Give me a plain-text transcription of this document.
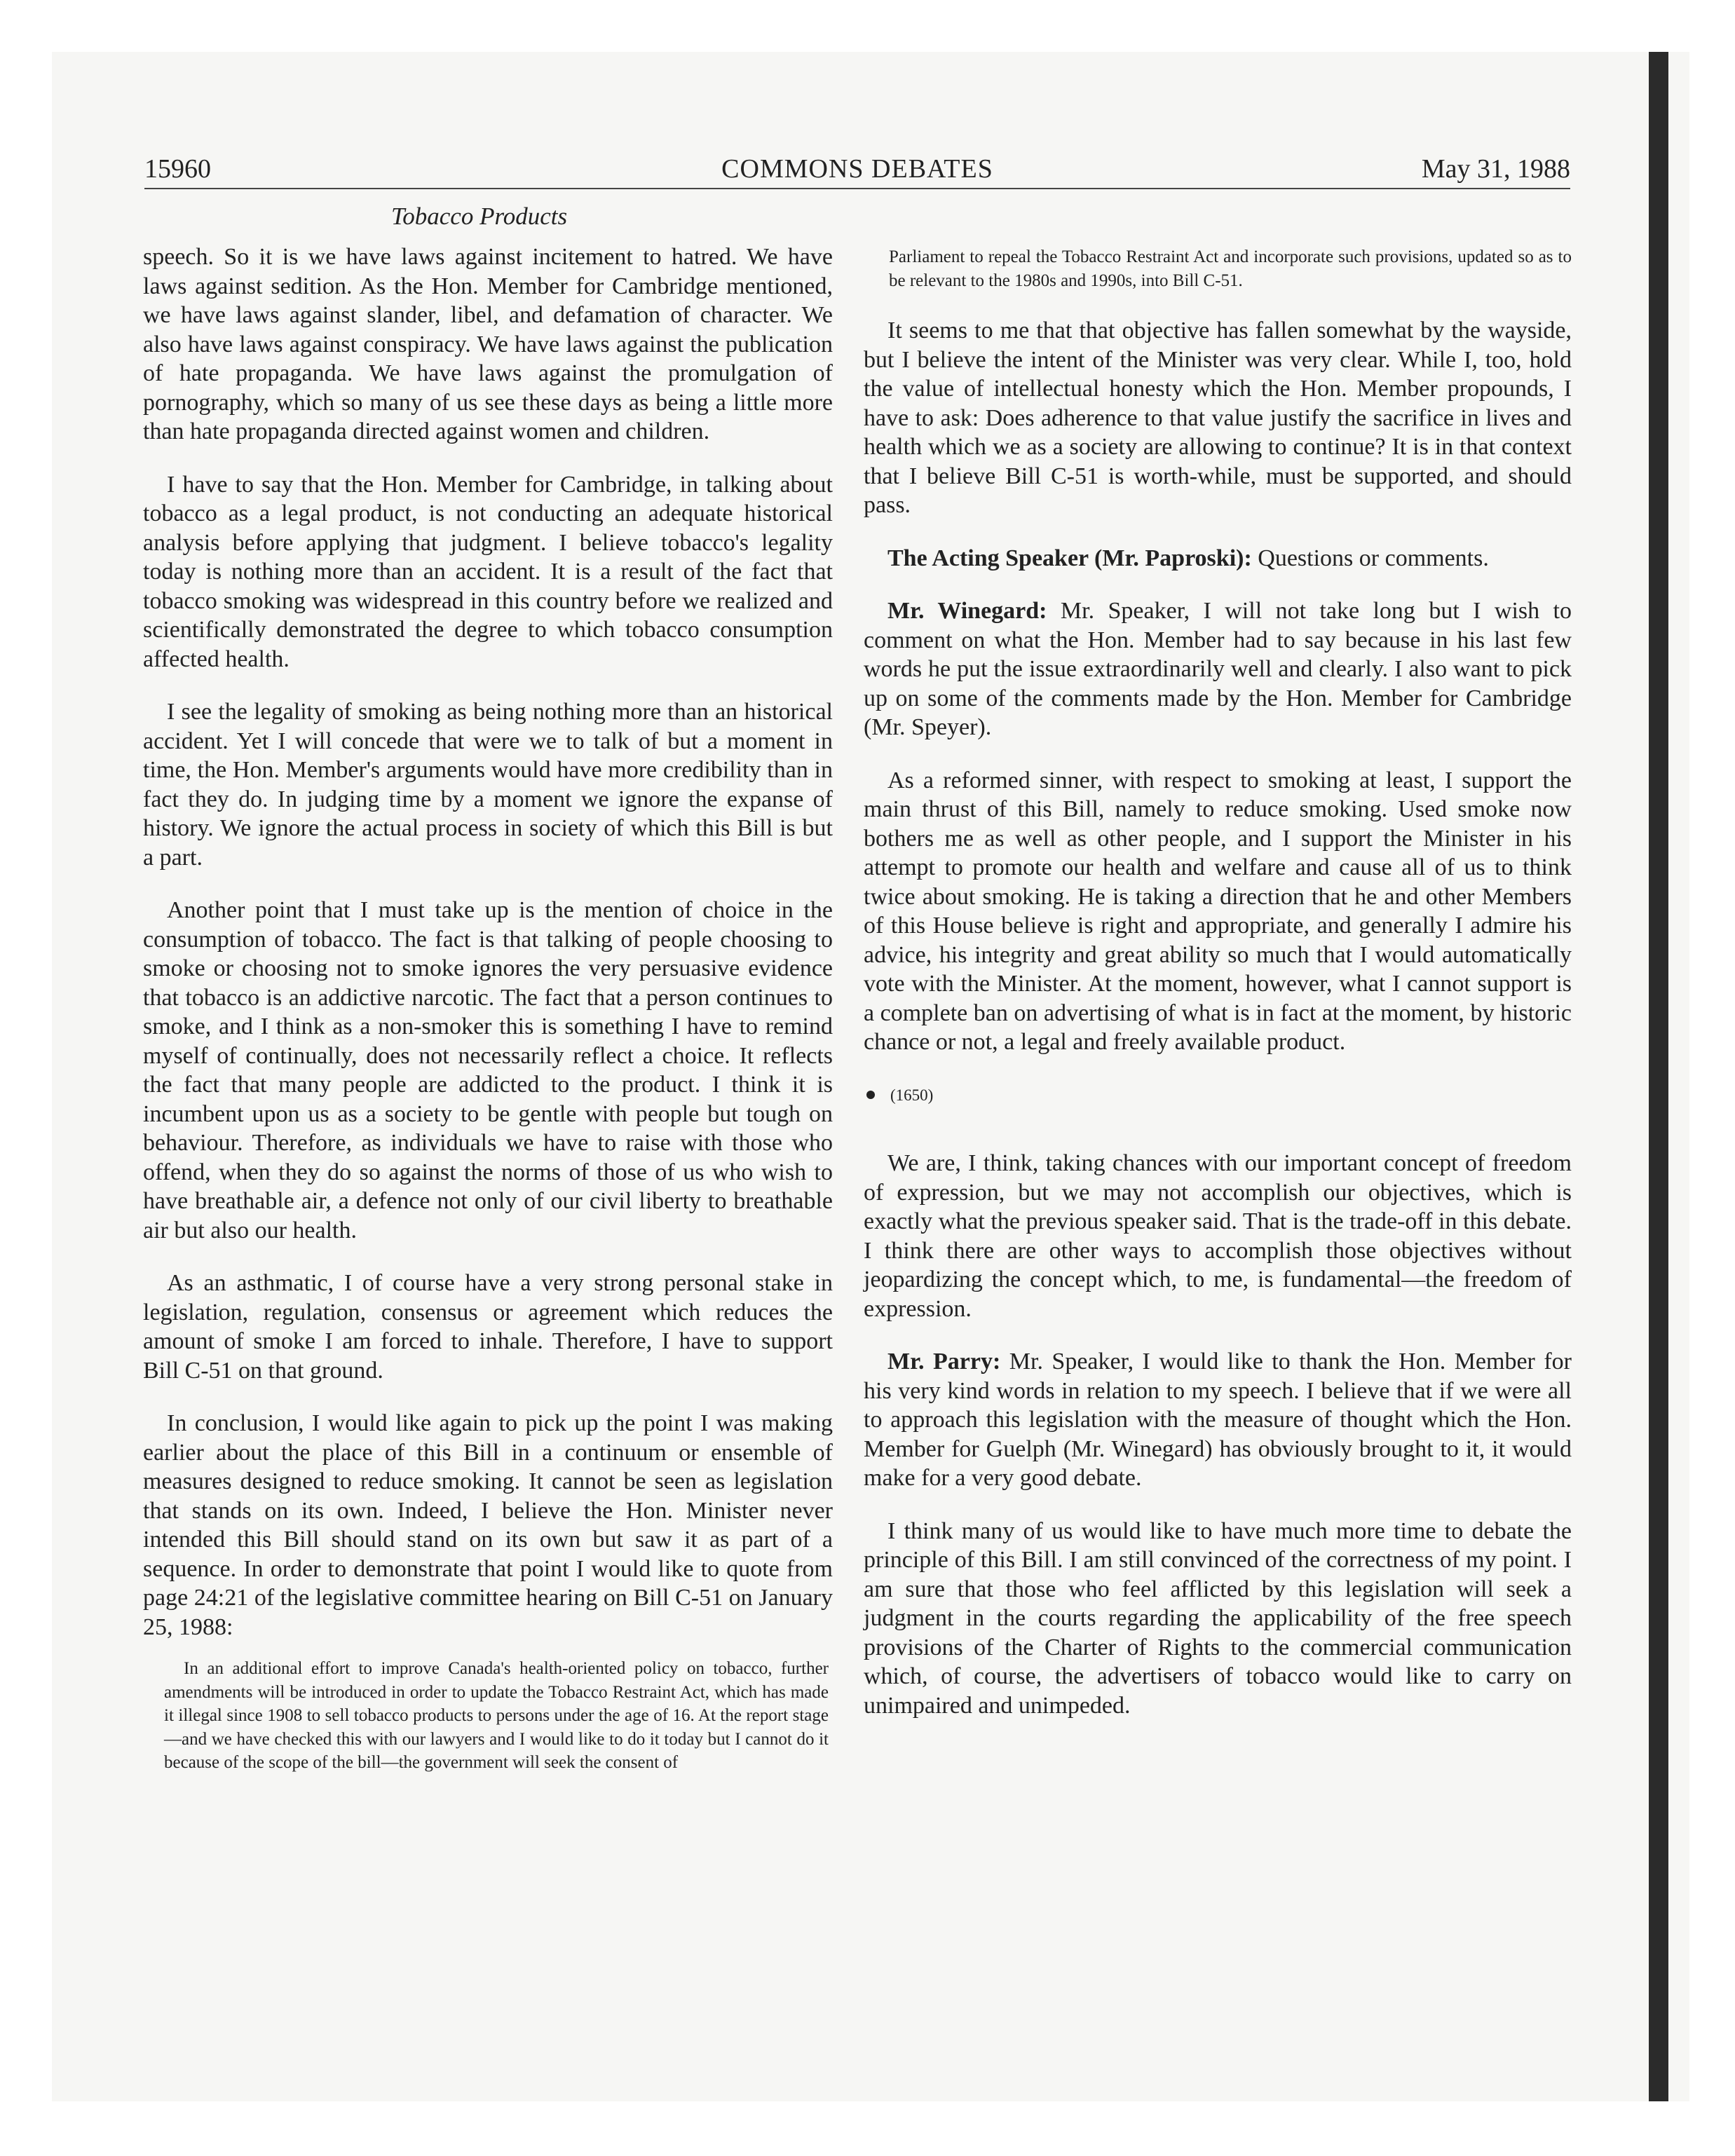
15960	COMMONS DEBATES	May 31, 1988
Tobacco Products

speech. So it is we have laws against incitement to hatred. We have laws against sedition. As the Hon. Member for Cambridge mentioned, we have laws against slander, libel, and defamation of character. We also have laws against conspiracy. We have laws against the publication of hate propaganda. We have laws against the promulgation of pornography, which so many of us see these days as being a little more than hate propaganda directed against women and children.

I have to say that the Hon. Member for Cambridge, in talking about tobacco as a legal product, is not conducting an adequate historical analysis before applying that judgment. I believe tobacco's legality today is nothing more than an accident. It is a result of the fact that tobacco smoking was widespread in this country before we realized and scientifically demonstrated the degree to which tobacco consumption affected health.

I see the legality of smoking as being nothing more than an historical accident. Yet I will concede that were we to talk of but a moment in time, the Hon. Member's arguments would have more credibility than in fact they do. In judging time by a moment we ignore the expanse of history. We ignore the actual process in society of which this Bill is but a part.

Another point that I must take up is the mention of choice in the consumption of tobacco. The fact is that talking of people choosing to smoke or choosing not to smoke ignores the very persuasive evidence that tobacco is an addictive narcotic. The fact that a person continues to smoke, and I think as a non-smoker this is something I have to remind myself of continually, does not necessarily reflect a choice. It reflects the fact that many people are addicted to the product. I think it is incumbent upon us as a society to be gentle with people but tough on behaviour. Therefore, as individuals we have to raise with those who offend, when they do so against the norms of those of us who wish to have breathable air, a defence not only of our civil liberty to breathable air but also our health.

As an asthmatic, I of course have a very strong personal stake in legislation, regulation, consensus or agreement which reduces the amount of smoke I am forced to inhale. Therefore, I have to support Bill C-51 on that ground.

In conclusion, I would like again to pick up the point I was making earlier about the place of this Bill in a continuum or ensemble of measures designed to reduce smoking. It cannot be seen as legislation that stands on its own. Indeed, I believe the Hon. Minister never intended this Bill should stand on its own but saw it as part of a sequence. In order to demonstrate that point I would like to quote from page 24:21 of the legislative committee hearing on Bill C-51 on January 25, 1988:

In an additional effort to improve Canada's health-oriented policy on tobacco, further amendments will be introduced in order to update the Tobacco Restraint Act, which has made it illegal since 1908 to sell tobacco products to persons under the age of 16. At the report stage—and we have checked this with our lawyers and I would like to do it today but I cannot do it because of the scope of the bill—the government will seek the consent of

Parliament to repeal the Tobacco Restraint Act and incorporate such provisions, updated so as to be relevant to the 1980s and 1990s, into Bill C-51.

It seems to me that that objective has fallen somewhat by the wayside, but I believe the intent of the Minister was very clear. While I, too, hold the value of intellectual honesty which the Hon. Member propounds, I have to ask: Does adherence to that value justify the sacrifice in lives and health which we as a society are allowing to continue? It is in that context that I believe Bill C-51 is worth-while, must be supported, and should pass.

The Acting Speaker (Mr. Paproski): Questions or comments.

Mr. Winegard: Mr. Speaker, I will not take long but I wish to comment on what the Hon. Member had to say because in his last few words he put the issue extraordinarily well and clearly. I also want to pick up on some of the comments made by the Hon. Member for Cambridge (Mr. Speyer).

As a reformed sinner, with respect to smoking at least, I support the main thrust of this Bill, namely to reduce smoking. Used smoke now bothers me as well as other people, and I support the Minister in his attempt to promote our health and welfare and cause all of us to think twice about smoking. He is taking a direction that he and other Members of this House believe is right and appropriate, and generally I admire his advice, his integrity and great ability so much that I would automatically vote with the Minister. At the moment, however, what I cannot support is a complete ban on advertising of what is in fact at the moment, by historic chance or not, a legal and freely available product.

(1650)

We are, I think, taking chances with our important concept of freedom of expression, but we may not accomplish our objectives, which is exactly what the previous speaker said. That is the trade-off in this debate. I think there are other ways to accomplish those objectives without jeopardizing the concept which, to me, is fundamental—the freedom of expression.

Mr. Parry: Mr. Speaker, I would like to thank the Hon. Member for his very kind words in relation to my speech. I believe that if we were all to approach this legislation with the measure of thought which the Hon. Member for Guelph (Mr. Winegard) has obviously brought to it, it would make for a very good debate.

I think many of us would like to have much more time to debate the principle of this Bill. I am still convinced of the correctness of my point. I am sure that those who feel afflicted by this legislation will seek a judgment in the courts regarding the applicability of the free speech provisions of the Charter of Rights to the commercial communication which, of course, the advertisers of tobacco would like to carry on unimpaired and unimpeded.
